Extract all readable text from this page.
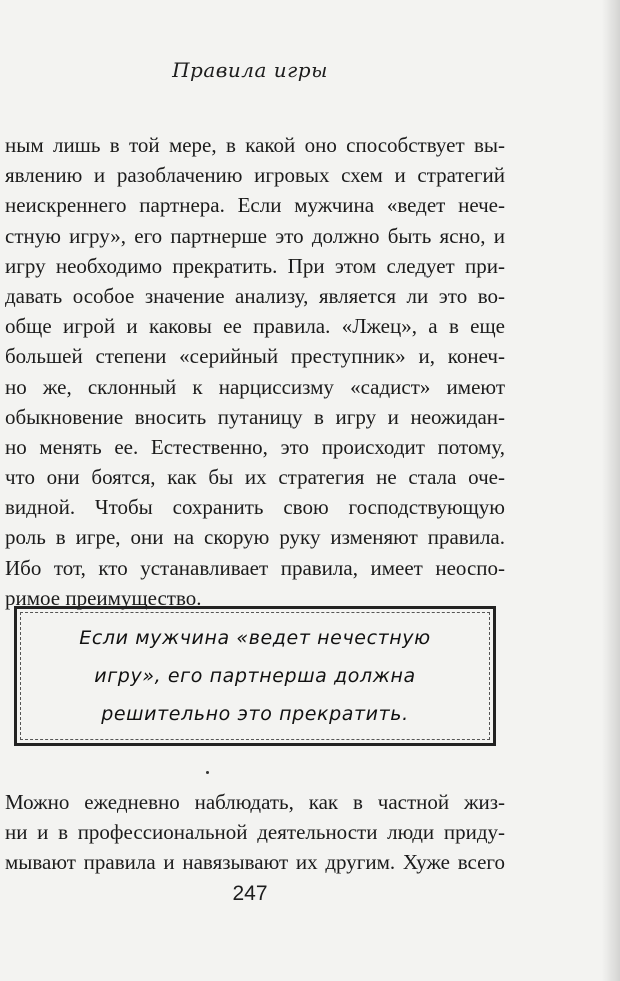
Правила игры
ным лишь в той мере, в какой оно способствует вы-
явлению и разоблачению игровых схем и стратегий
неискреннего партнера. Если мужчина «ведет нече-
стную игру», его партнерше это должно быть ясно, и
игру необходимо прекратить. При этом следует при-
давать особое значение анализу, является ли это во-
обще игрой и каковы ее правила. «Лжец», а в еще
большей степени «серийный преступник» и, конеч-
но же, склонный к нарциссизму «садист» имеют
обыкновение вносить путаницу в игру и неожидан-
но менять ее. Естественно, это происходит потому,
что они боятся, как бы их стратегия не стала оче-
видной. Чтобы сохранить свою господствующую
роль в игре, они на скорую руку изменяют правила.
Ибо тот, кто устанавливает правила, имеет неоспо-
римое преимущество.
Если мужчина «ведет нечестную
игру», его партнерша должна
решительно это прекратить.
Можно ежедневно наблюдать, как в частной жиз-
ни и в профессиональной деятельности люди приду-
мывают правила и навязывают их другим. Хуже всего
247
